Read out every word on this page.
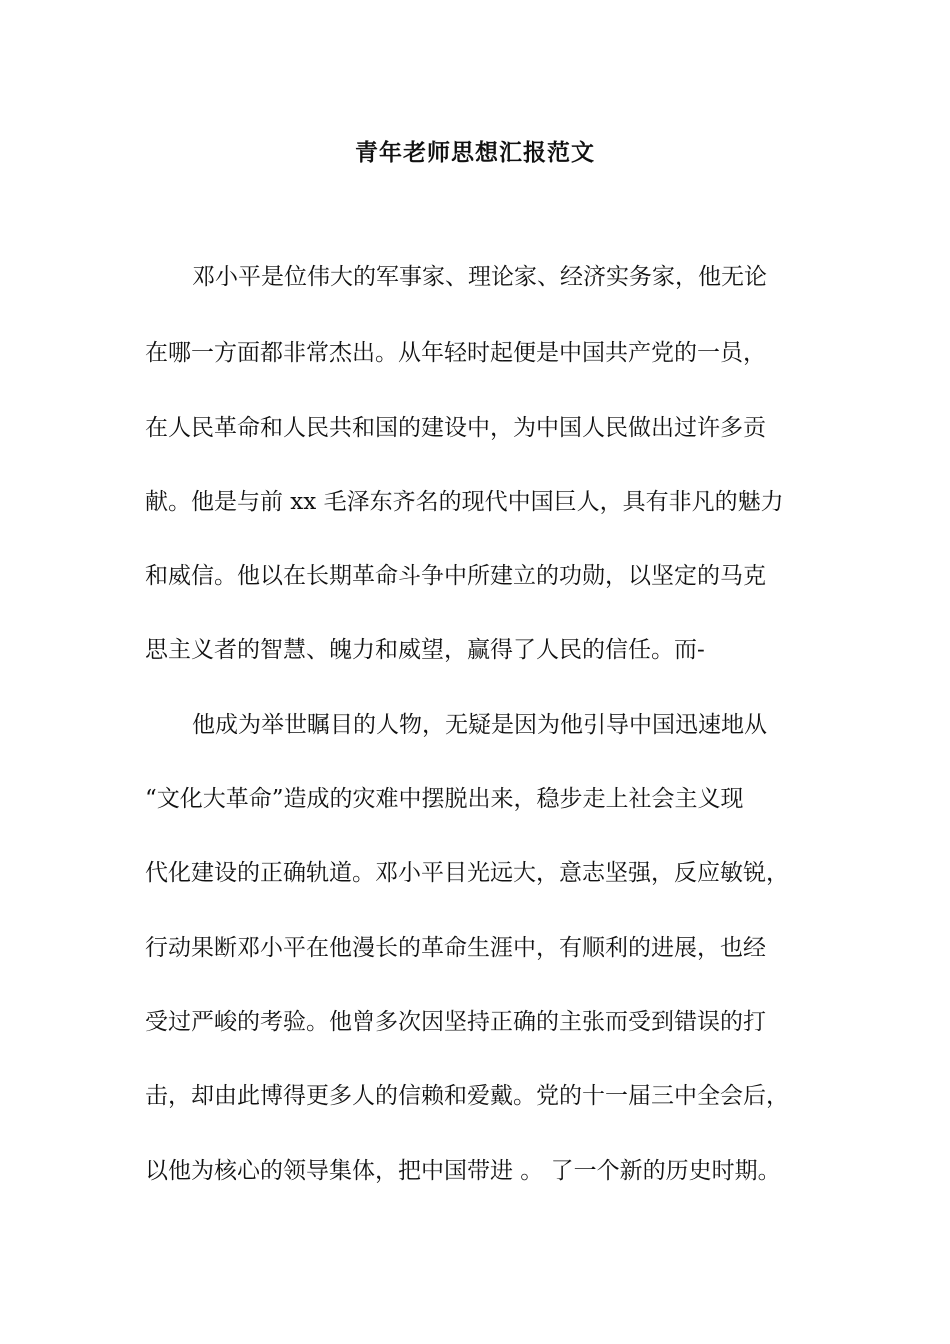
青年老师思想汇报范文
邓小平是位伟大的军事家、理论家、经济实务家，他无论
在哪一方面都非常杰出。从年轻时起便是中国共产党的一员，
在人民革命和人民共和国的建设中，为中国人民做出过许多贡
献。他是与前 xx 毛泽东齐名的现代中国巨人，具有非凡的魅力
和威信。他以在长期革命斗争中所建立的功勋，以坚定的马克
思主义者的智慧、魄力和威望，赢得了人民的信任。而-
他成为举世瞩目的人物，无疑是因为他引导中国迅速地从
“文化大革命”造成的灾难中摆脱出来，稳步走上社会主义现
代化建设的正确轨道。邓小平目光远大，意志坚强，反应敏锐，
行动果断邓小平在他漫长的革命生涯中，有顺利的进展，也经
受过严峻的考验。他曾多次因坚持正确的主张而受到错误的打
击，却由此博得更多人的信赖和爱戴。党的十一届三中全会后，
以他为核心的领导集体，把中国带进 。 了一个新的历史时期。
